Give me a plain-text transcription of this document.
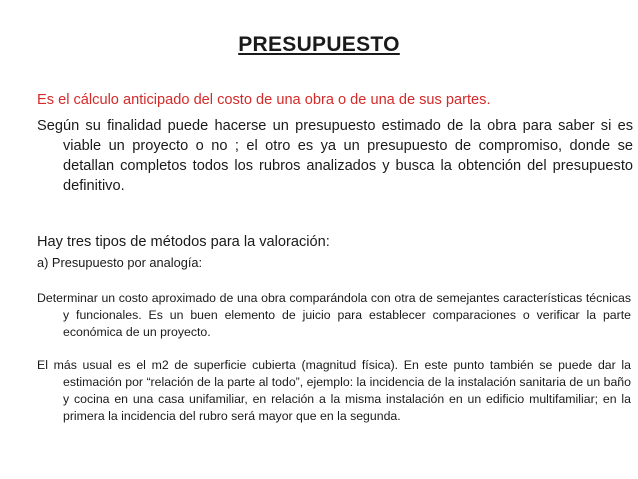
PRESUPUESTO
Es el cálculo anticipado del costo de una obra o de una de sus partes.
Según su finalidad puede hacerse un presupuesto estimado de la obra para saber si es viable un proyecto o no ; el otro es ya un presupuesto de compromiso, donde se detallan completos todos los rubros analizados y busca la obtención del presupuesto definitivo.
Hay tres tipos de métodos para la valoración:
a) Presupuesto por analogía:
Determinar un costo aproximado de una obra comparándola con otra de semejantes características técnicas y funcionales. Es un buen elemento de juicio para establecer comparaciones o verificar la parte económica de un proyecto.
El más usual es el m2 de superficie cubierta (magnitud física). En este punto también se puede dar la estimación por “relación de la parte al todo”, ejemplo: la incidencia de la instalación sanitaria de un baño y cocina en una casa unifamiliar, en relación a la misma instalación en un edificio multifamiliar; en la primera la incidencia del rubro será mayor que en la segunda.
